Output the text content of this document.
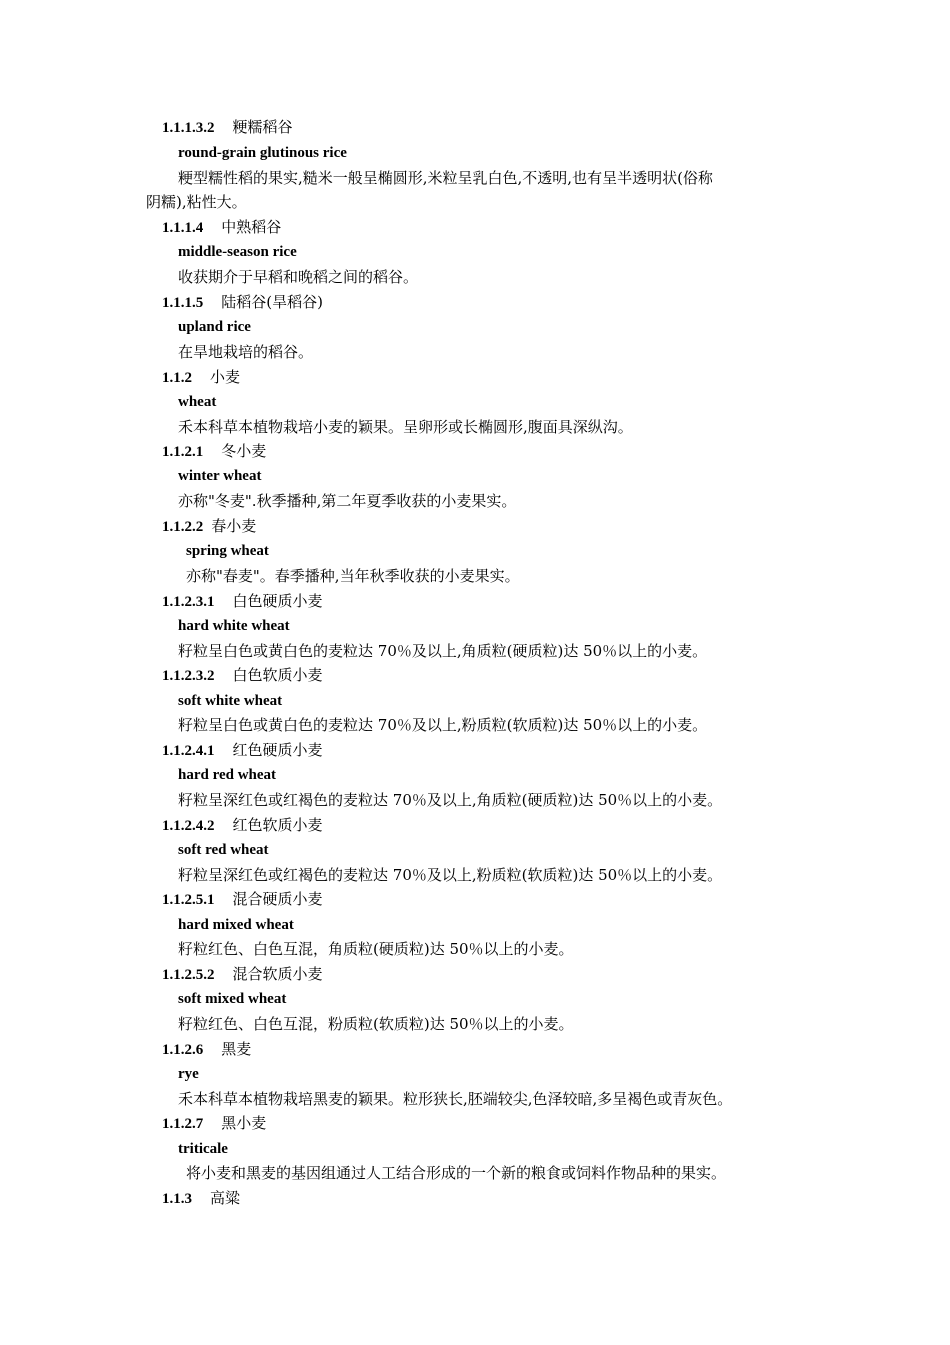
1.1.1.3.2 粳糯稻谷
round-grain glutinous rice
粳型糯性稻的果实,糙米一般呈椭圆形,米粒呈乳白色,不透明,也有呈半透明状(俗称
阴糯),粘性大。
1.1.1.4 中熟稻谷
middle-season rice
收获期介于早稻和晚稻之间的稻谷。
1.1.1.5 陆稻谷(旱稻谷)
upland rice
在旱地栽培的稻谷。
1.1.2 小麦
wheat
禾本科草本植物栽培小麦的颖果。呈卵形或长椭圆形,腹面具深纵沟。
1.1.2.1 冬小麦
winter wheat
亦称"冬麦".秋季播种,第二年夏季收获的小麦果实。
1.1.2.2 春小麦
spring wheat
亦称"春麦"。春季播种,当年秋季收获的小麦果实。
1.1.2.3.1 白色硬质小麦
hard white wheat
籽粒呈白色或黄白色的麦粒达 70％及以上,角质粒(硬质粒)达 50％以上的小麦。
1.1.2.3.2 白色软质小麦
soft white wheat
籽粒呈白色或黄白色的麦粒达 70％及以上,粉质粒(软质粒)达 50％以上的小麦。
1.1.2.4.1 红色硬质小麦
hard red wheat
籽粒呈深红色或红褐色的麦粒达 70％及以上,角质粒(硬质粒)达 50％以上的小麦。
1.1.2.4.2 红色软质小麦
soft red wheat
籽粒呈深红色或红褐色的麦粒达 70％及以上,粉质粒(软质粒)达 50％以上的小麦。
1.1.2.5.1 混合硬质小麦
hard mixed wheat
籽粒红色、白色互混，角质粒(硬质粒)达 50％以上的小麦。
1.1.2.5.2 混合软质小麦
soft mixed wheat
籽粒红色、白色互混，粉质粒(软质粒)达 50％以上的小麦。
1.1.2.6 黑麦
rye
禾本科草本植物栽培黑麦的颖果。粒形狭长,胚端较尖,色泽较暗,多呈褐色或青灰色。
1.1.2.7 黑小麦
triticale
将小麦和黑麦的基因组通过人工结合形成的一个新的粮食或饲料作物品种的果实。
1.1.3 高粱
